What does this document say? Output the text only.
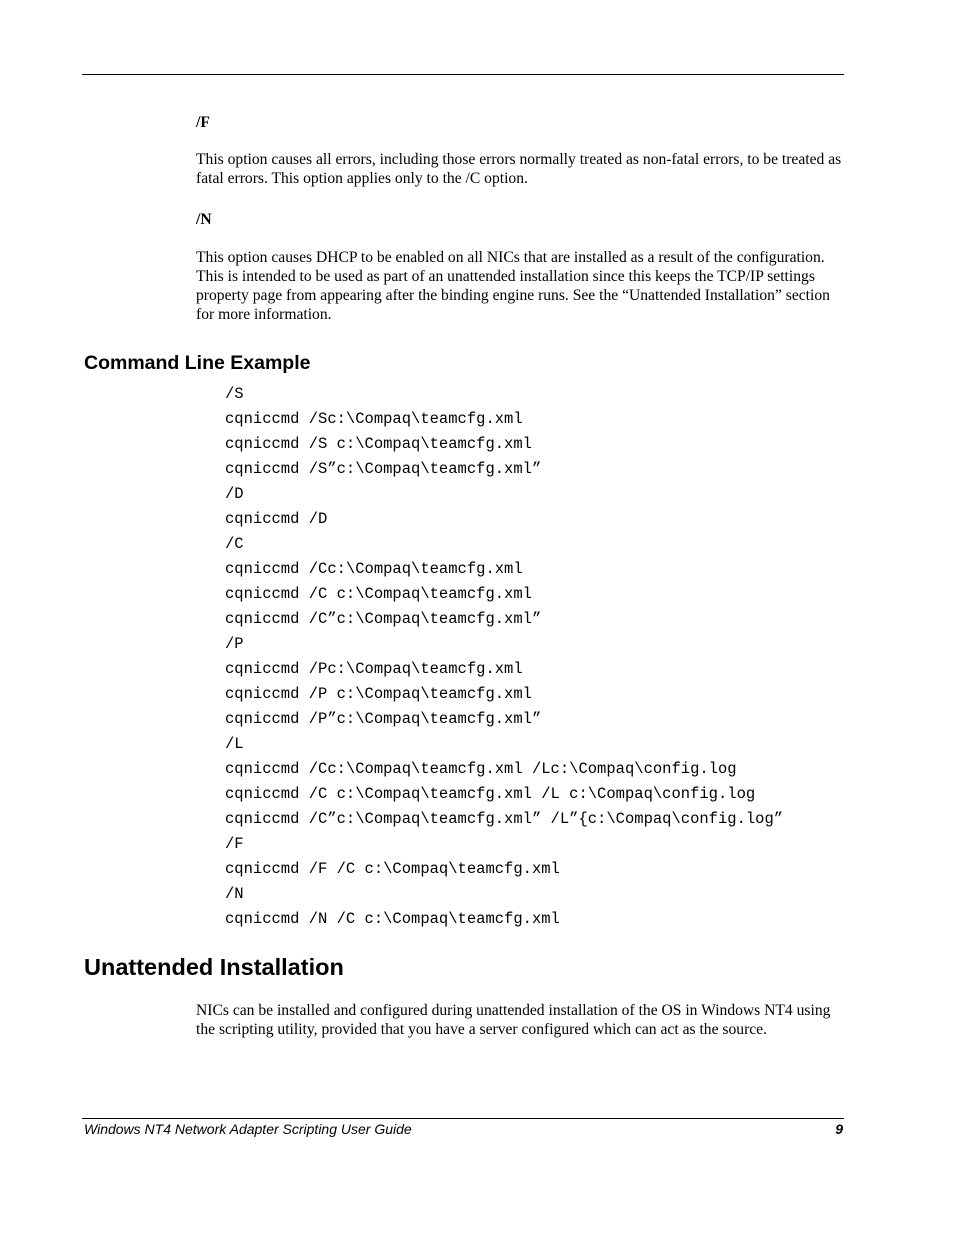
/F

This option causes all errors, including those errors normally treated as non-fatal errors, to be treated as fatal errors. This option applies only to the /C option.

/N

This option causes DHCP to be enabled on all NICs that are installed as a result of the configuration. This is intended to be used as part of an unattended installation since this keeps the TCP/IP settings property page from appearing after the binding engine runs. See the “Unattended Installation” section for more information.

Command Line Example
/S
cqniccmd /Sc:\Compaq\teamcfg.xml
cqniccmd /S c:\Compaq\teamcfg.xml
cqniccmd /S”c:\Compaq\teamcfg.xml”
/D
cqniccmd /D
/C
cqniccmd /Cc:\Compaq\teamcfg.xml
cqniccmd /C c:\Compaq\teamcfg.xml
cqniccmd /C”c:\Compaq\teamcfg.xml”
/P
cqniccmd /Pc:\Compaq\teamcfg.xml
cqniccmd /P c:\Compaq\teamcfg.xml
cqniccmd /P”c:\Compaq\teamcfg.xml”
/L
cqniccmd /Cc:\Compaq\teamcfg.xml /Lc:\Compaq\config.log
cqniccmd /C c:\Compaq\teamcfg.xml /L c:\Compaq\config.log
cqniccmd /C”c:\Compaq\teamcfg.xml” /L”{c:\Compaq\config.log”
/F
cqniccmd /F /C c:\Compaq\teamcfg.xml
/N
cqniccmd /N /C c:\Compaq\teamcfg.xml
Unattended Installation

NICs can be installed and configured during unattended installation of the OS in Windows NT4 using the scripting utility, provided that you have a server configured which can act as the source.

Windows NT4 Network Adapter Scripting User Guide	9
